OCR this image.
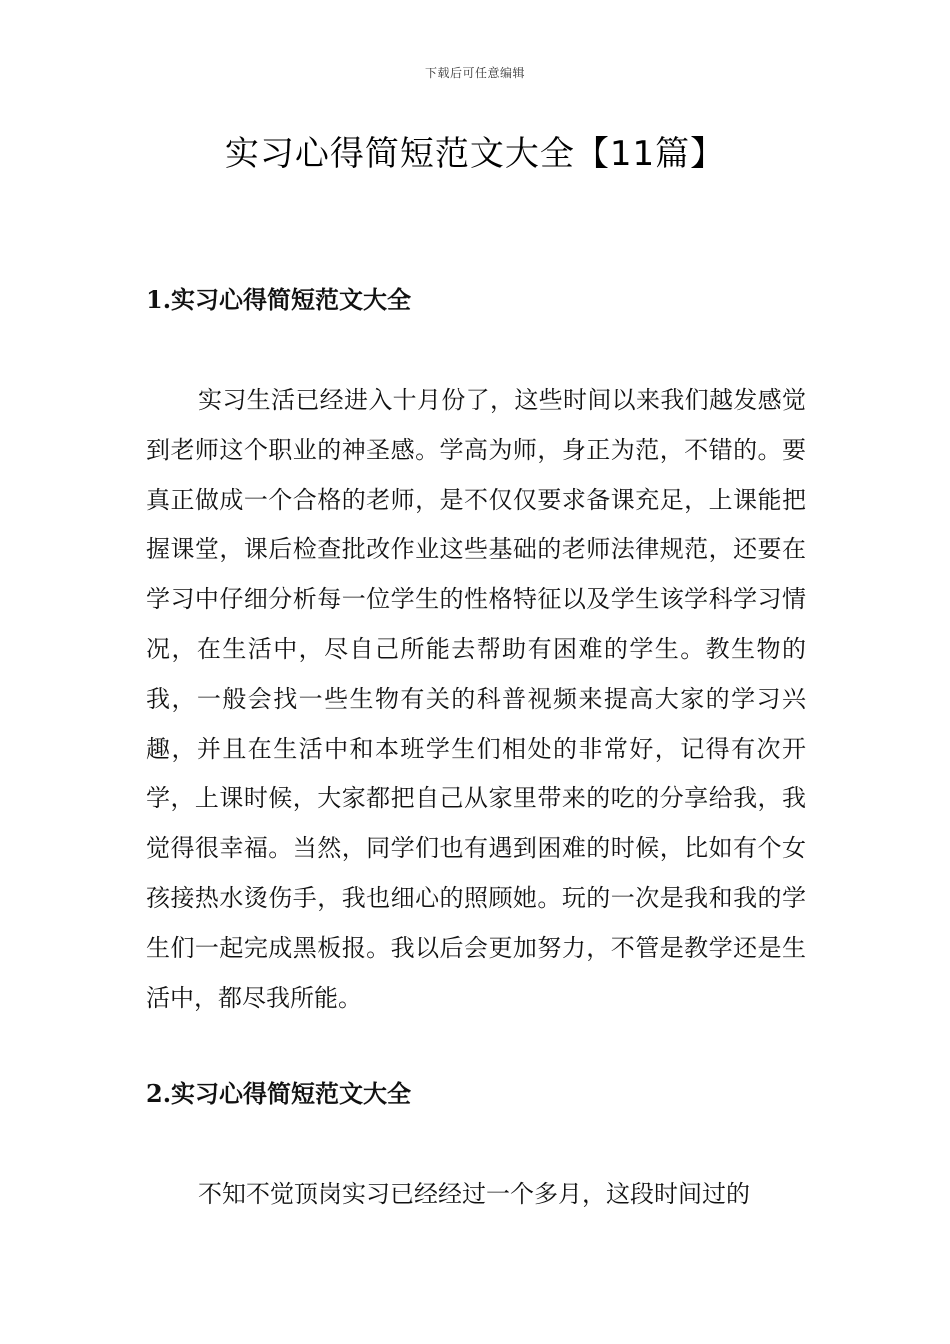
下载后可任意编辑
实习心得简短范文大全【11篇】
1.实习心得简短范文大全

实习生活已经进入十月份了，这些时间以来我们越发感觉到老师这个职业的神圣感。学高为师，身正为范，不错的。要真正做成一个合格的老师，是不仅仅要求备课充足，上课能把握课堂，课后检查批改作业这些基础的老师法律规范，还要在学习中仔细分析每一位学生的性格特征以及学生该学科学习情况，在生活中，尽自己所能去帮助有困难的学生。教生物的我，一般会找一些生物有关的科普视频来提高大家的学习兴趣，并且在生活中和本班学生们相处的非常好，记得有次开学，上课时候，大家都把自己从家里带来的吃的分享给我，我觉得很幸福。当然，同学们也有遇到困难的时候，比如有个女孩接热水烫伤手，我也细心的照顾她。玩的一次是我和我的学生们一起完成黑板报。我以后会更加努力，不管是教学还是生活中，都尽我所能。

2.实习心得简短范文大全

不知不觉顶岗实习已经经过一个多月，这段时间过的
